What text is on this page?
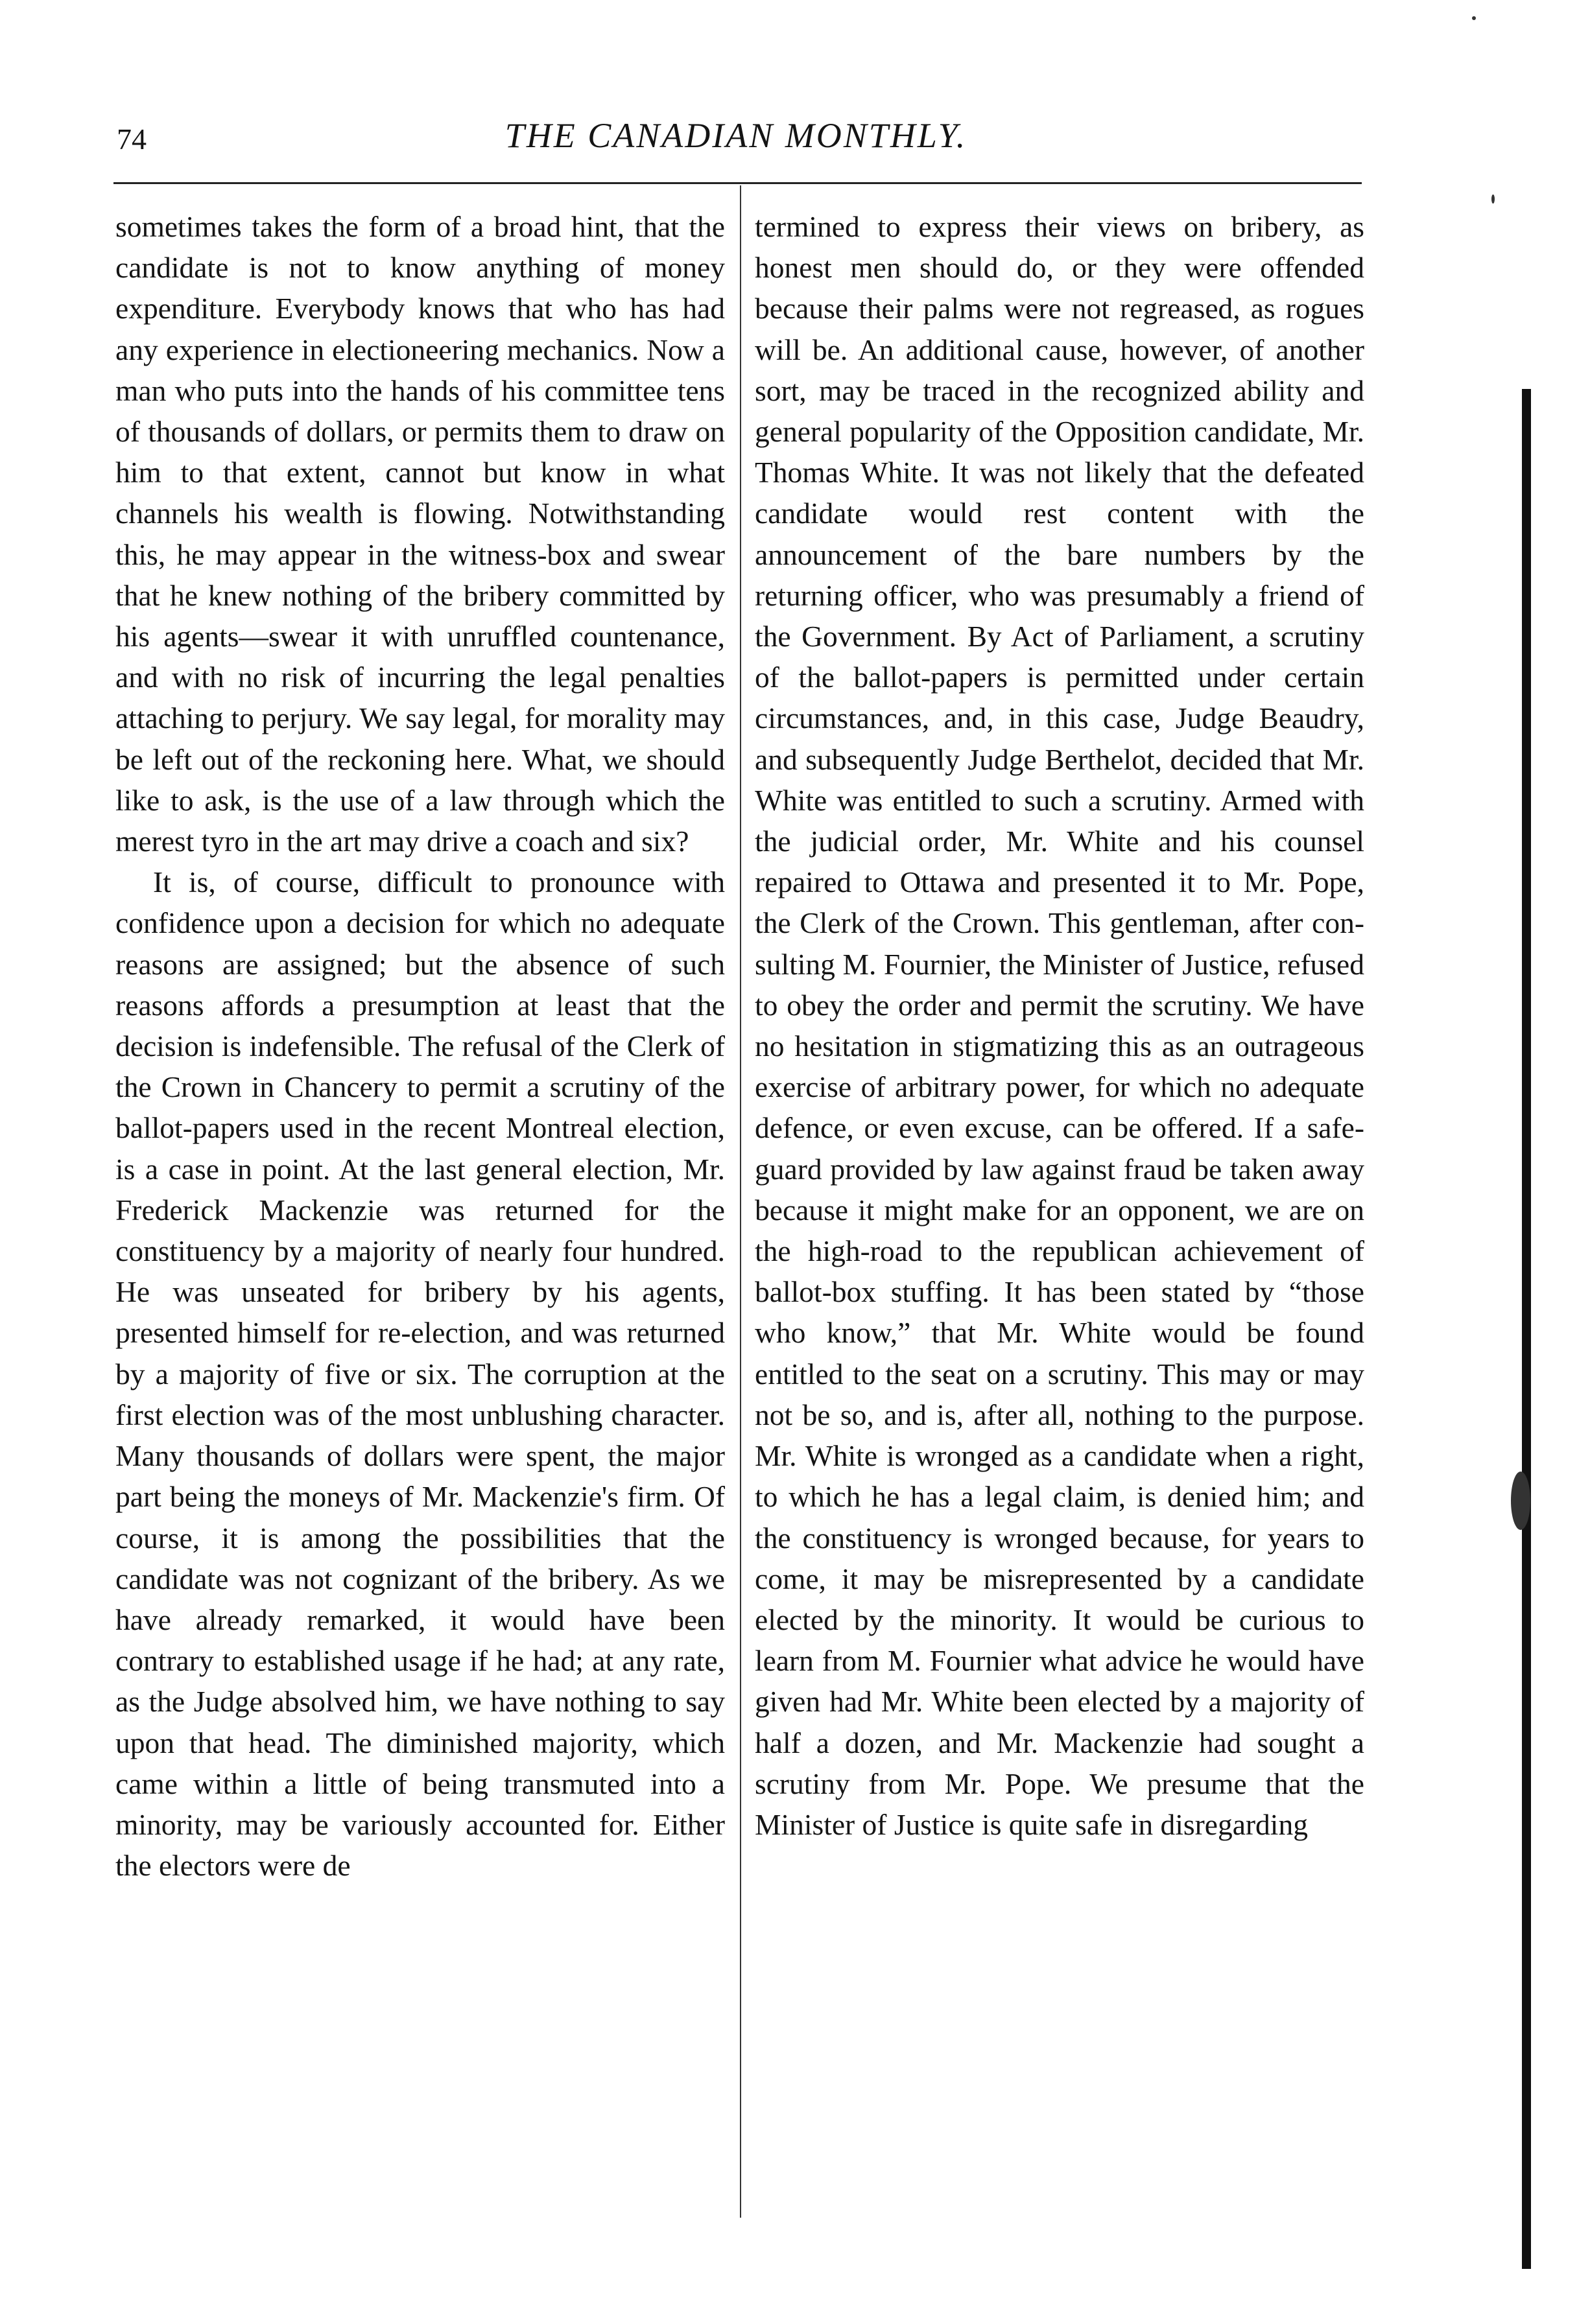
74	THE CANADIAN MONTHLY.

sometimes takes the form of a broad hint, that the candidate is not to know anything of money expenditure. Everybody knows that who has had any experience in electioneering mechanics. Now a man who puts into the hands of his committee tens of thousands of dollars, or permits them to draw on him to that extent, cannot but know in what channels his wealth is flowing. Notwithstanding this, he may appear in the witness-box and swear that he knew nothing of the bribery committed by his agents—swear it with unruffled countenance, and with no risk of incurring the legal penalties attaching to perjury. We say legal, for morality may be left out of the reckoning here. What, we should like to ask, is the use of a law through which the merest tyro in the art may drive a coach and six?

It is, of course, difficult to pronounce with confidence upon a decision for which no adequate reasons are assigned; but the absence of such reasons affords a presumption at least that the decision is indefensible. The refusal of the Clerk of the Crown in Chancery to permit a scrutiny of the ballot-papers used in the recent Montreal election, is a case in point. At the last general election, Mr. Frederick Mackenzie was returned for the constituency by a majority of nearly four hundred. He was unseated for bribery by his agents, presented himself for re-election, and was returned by a majority of five or six. The corruption at the first election was of the most unblushing character. Many thousands of dollars were spent, the major part being the moneys of Mr. Mackenzie's firm. Of course, it is among the possibilities that the candidate was not cognizant of the bribery. As we have already remarked, it would have been contrary to established usage if he had; at any rate, as the Judge absolved him, we have nothing to say upon that head. The diminished majority, which came within a little of being transmuted into a minority, may be variously accounted for. Either the electors were de

termined to express their views on bribery, as honest men should do, or they were offended because their palms were not regreased, as rogues will be. An additional cause, however, of another sort, may be traced in the recognized ability and general popularity of the Opposition candidate, Mr. Thomas White. It was not likely that the defeated candidate would rest content with the announcement of the bare numbers by the returning officer, who was presumably a friend of the Government. By Act of Parliament, a scrutiny of the ballot-papers is permitted under certain circumstances, and, in this case, Judge Beaudry, and subsequently Judge Berthelot, decided that Mr. White was entitled to such a scrutiny. Armed with the judicial order, Mr. White and his counsel repaired to Ottawa and presented it to Mr. Pope, the Clerk of the Crown. This gentleman, after consulting M. Fournier, the Minister of Justice, refused to obey the order and permit the scrutiny. We have no hesitation in stigmatizing this as an outrageous exercise of arbitrary power, for which no adequate defence, or even excuse, can be offered. If a safe-guard provided by law against fraud be taken away because it might make for an opponent, we are on the high-road to the republican achievement of ballot-box stuffing. It has been stated by “those who know,” that Mr. White would be found entitled to the seat on a scrutiny. This may or may not be so, and is, after all, nothing to the purpose. Mr. White is wronged as a candidate when a right, to which he has a legal claim, is denied him; and the constituency is wronged because, for years to come, it may be misrepresented by a candidate elected by the minority. It would be curious to learn from M. Fournier what advice he would have given had Mr. White been elected by a majority of half a dozen, and Mr. Mackenzie had sought a scrutiny from Mr. Pope. We presume that the Minister of Justice is quite safe in disregarding
